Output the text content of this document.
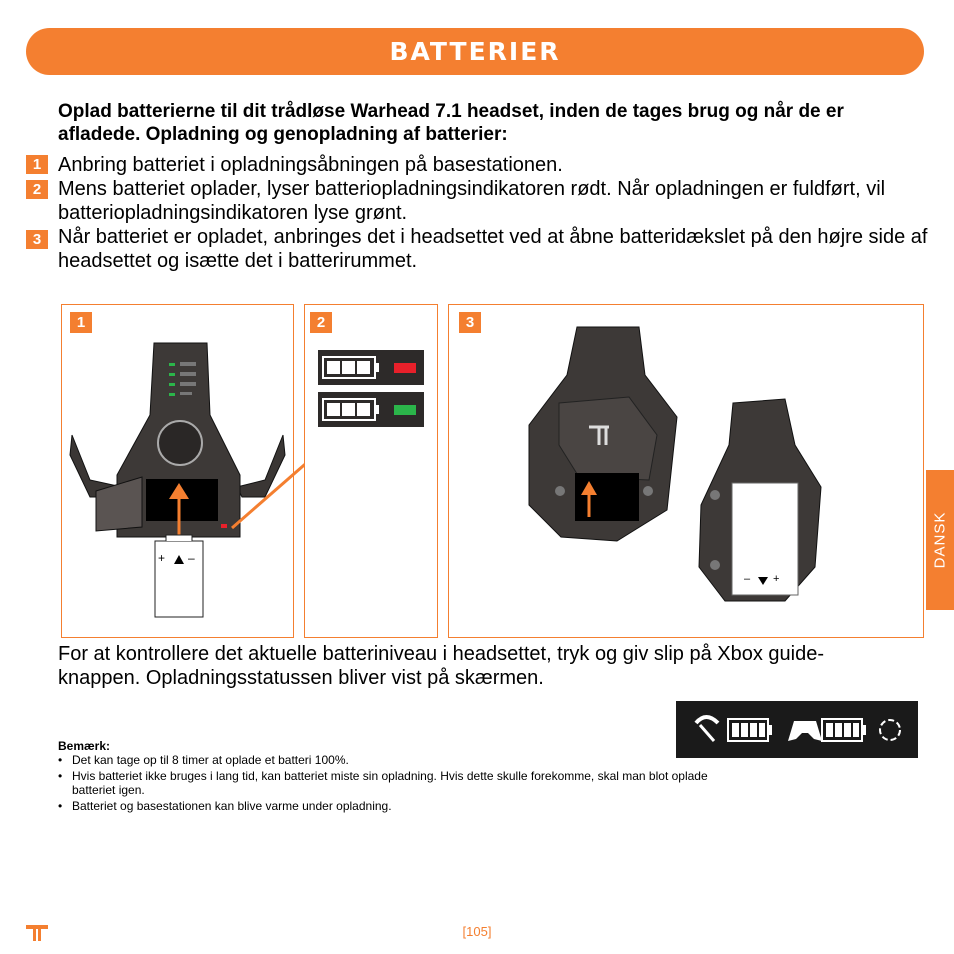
BATTERIER
Oplad batterierne til dit trådløse Warhead 7.1 headset, inden de tages brug og når de er afladede. Opladning og genopladning af batterier:
1 Anbring batteriet i opladningsåbningen på basestationen.
2 Mens batteriet oplader, lyser batteriopladningsindikatoren rødt. Når opladningen er fuldført, vil batteriopladningsindikatoren lyse grønt.
3 Når batteriet er opladet, anbringes det i headsettet ved at åbne batteridækslet på den højre side af headsettet og isætte det i batterirummet.
1
+ –
2	3
– +
For at kontrollere det aktuelle batteriniveau i headsettet, tryk og giv slip på Xbox guide-knappen. Opladningsstatussen bliver vist på skærmen.
Bemærk:
• Det kan tage op til 8 timer at oplade et batteri 100%.
• Hvis batteriet ikke bruges i lang tid, kan batteriet miste sin opladning. Hvis dette skulle forekomme, skal man blot oplade batteriet igen.
• Batteriet og basestationen kan blive varme under opladning.
DANSK
[105]
